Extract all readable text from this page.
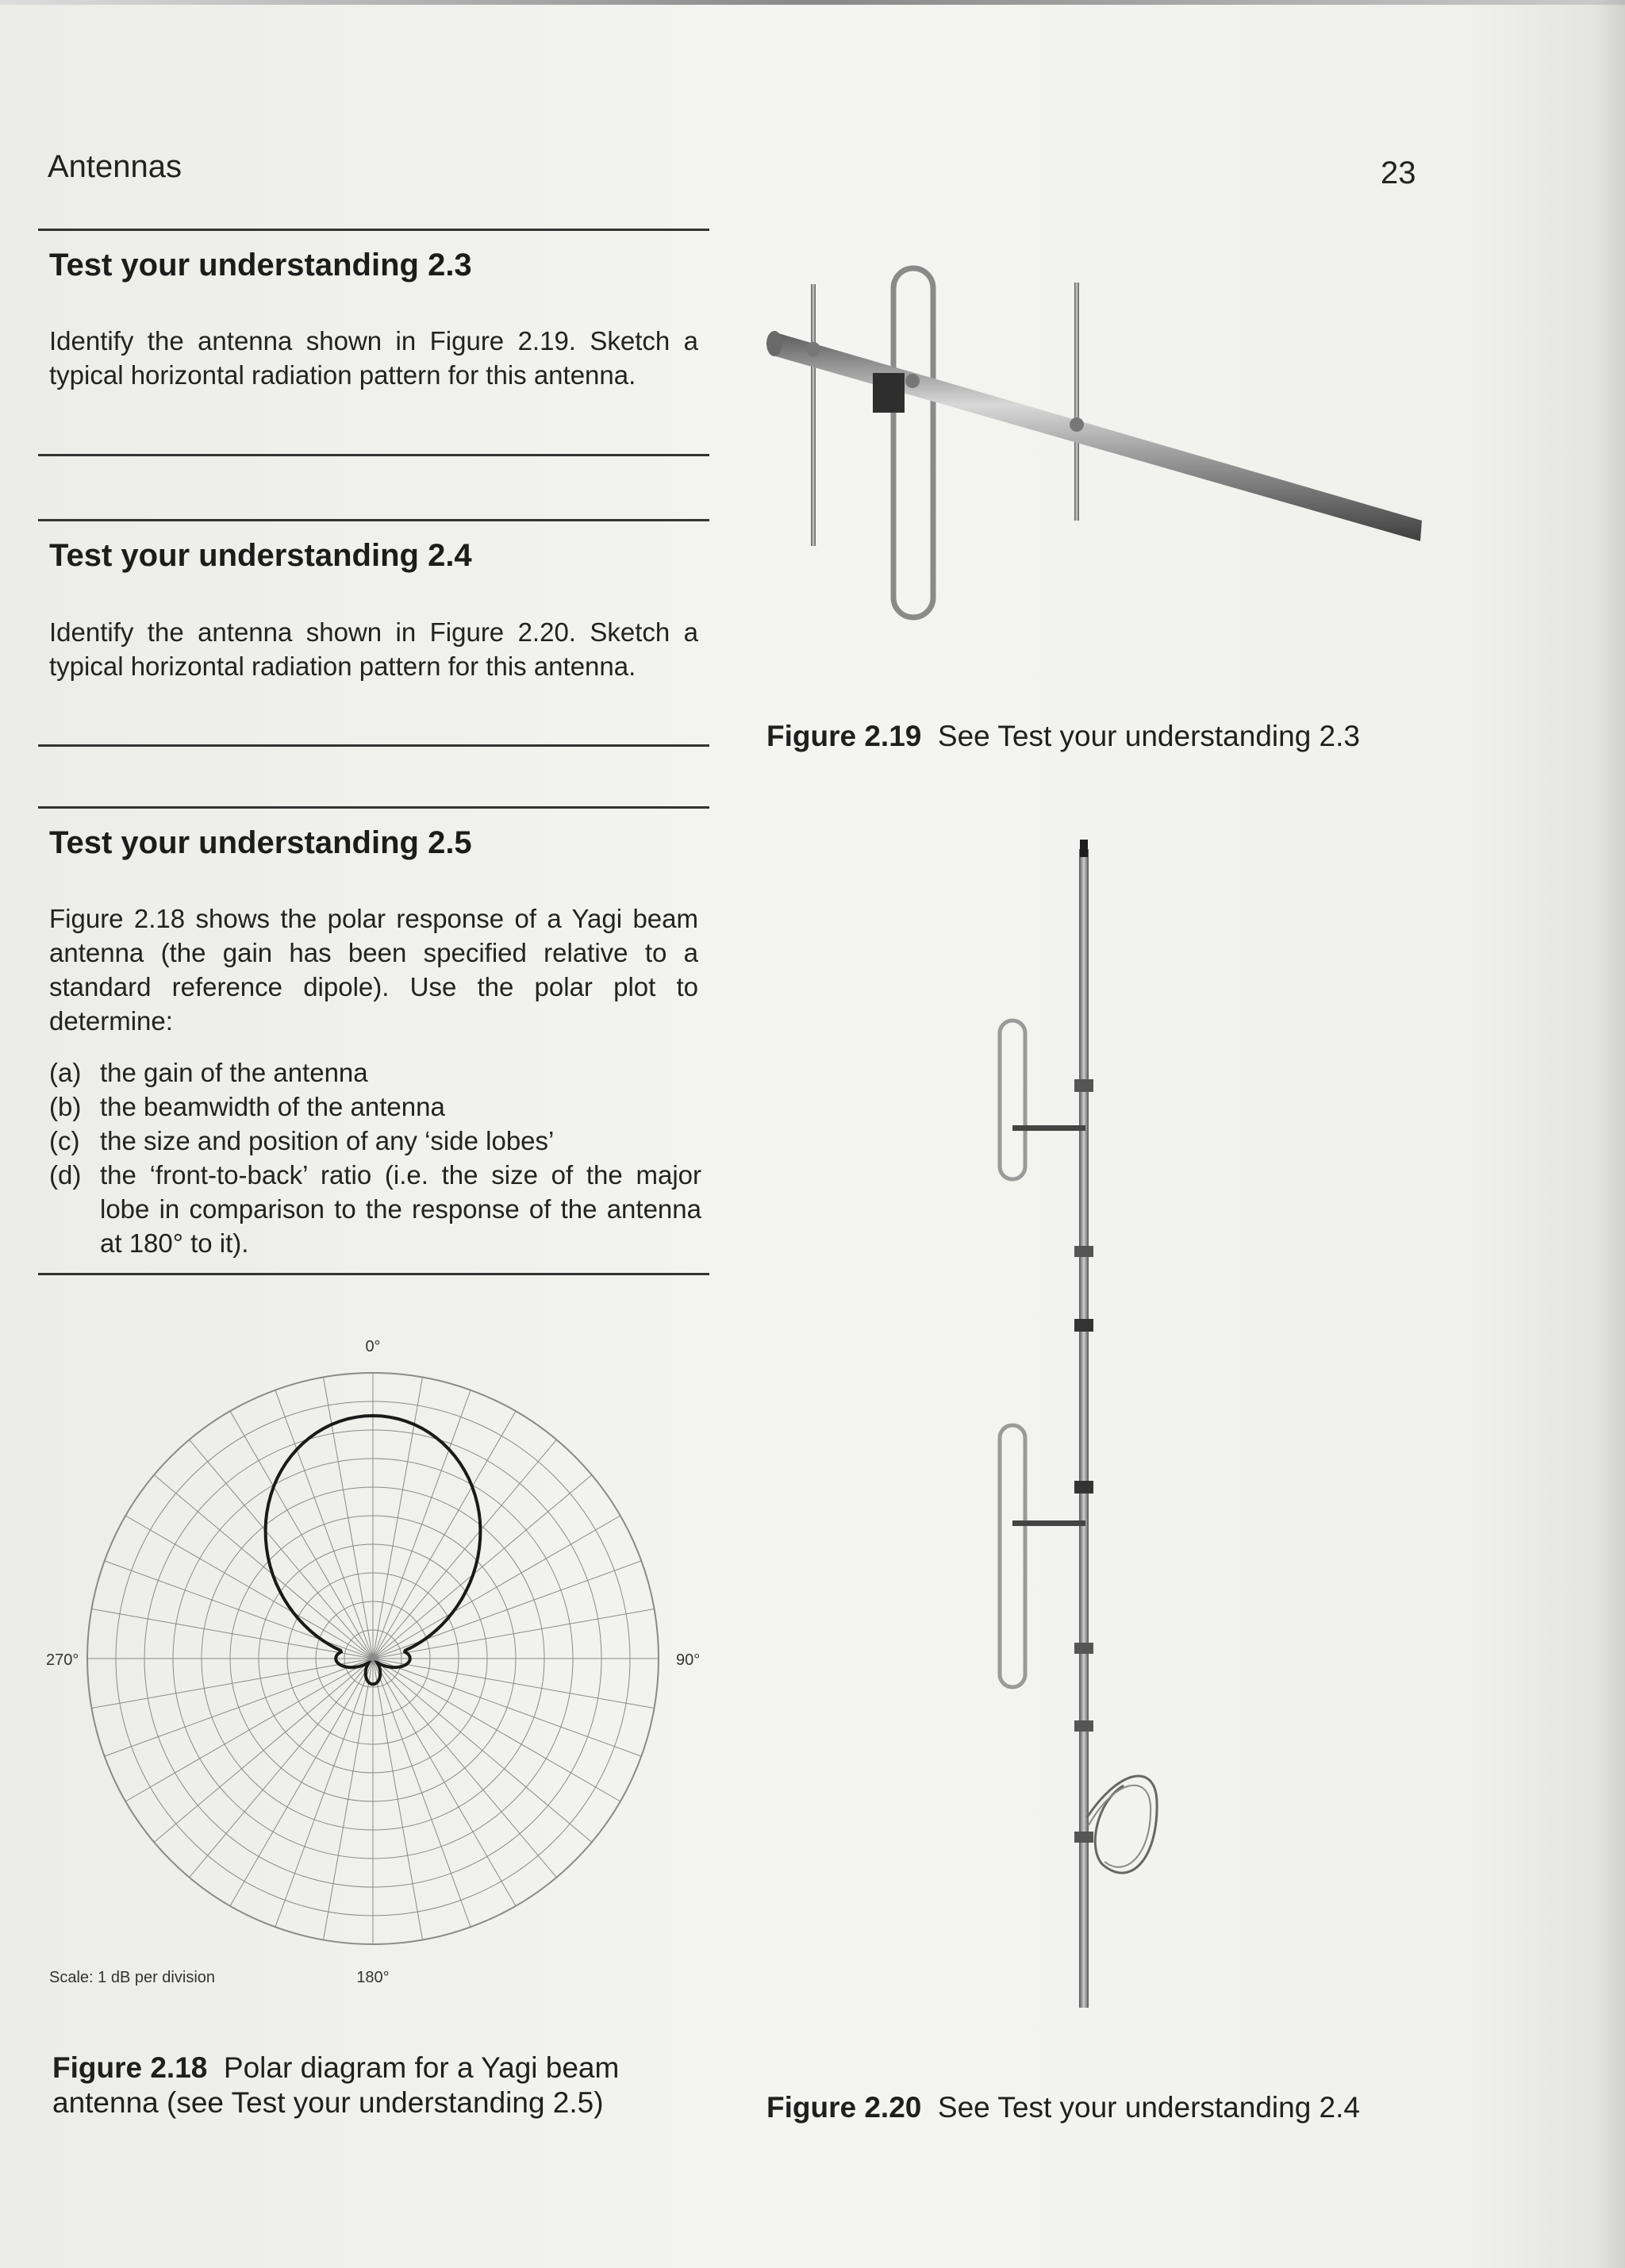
Antennas	23
Test your understanding 2.3
Identify the antenna shown in Figure 2.19. Sketch a typical horizontal radiation pattern for this antenna.
Test your understanding 2.4
Identify the antenna shown in Figure 2.20. Sketch a typical horizontal radiation pattern for this antenna.
Test your understanding 2.5
Figure 2.18 shows the polar response of a Yagi beam antenna (the gain has been specified relative to a standard reference dipole). Use the polar plot to determine:
(a) the gain of the antenna
(b) the beamwidth of the antenna
(c) the size and position of any ‘side lobes’
(d) the ‘front-to-back’ ratio (i.e. the size of the major lobe in comparison to the response of the antenna at 180° to it).
0°
90°
180°
270°
Scale: 1 dB per division
Figure 2.18 Polar diagram for a Yagi beam antenna (see Test your understanding 2.5)
Figure 2.19 See Test your understanding 2.3
Figure 2.20 See Test your understanding 2.4
